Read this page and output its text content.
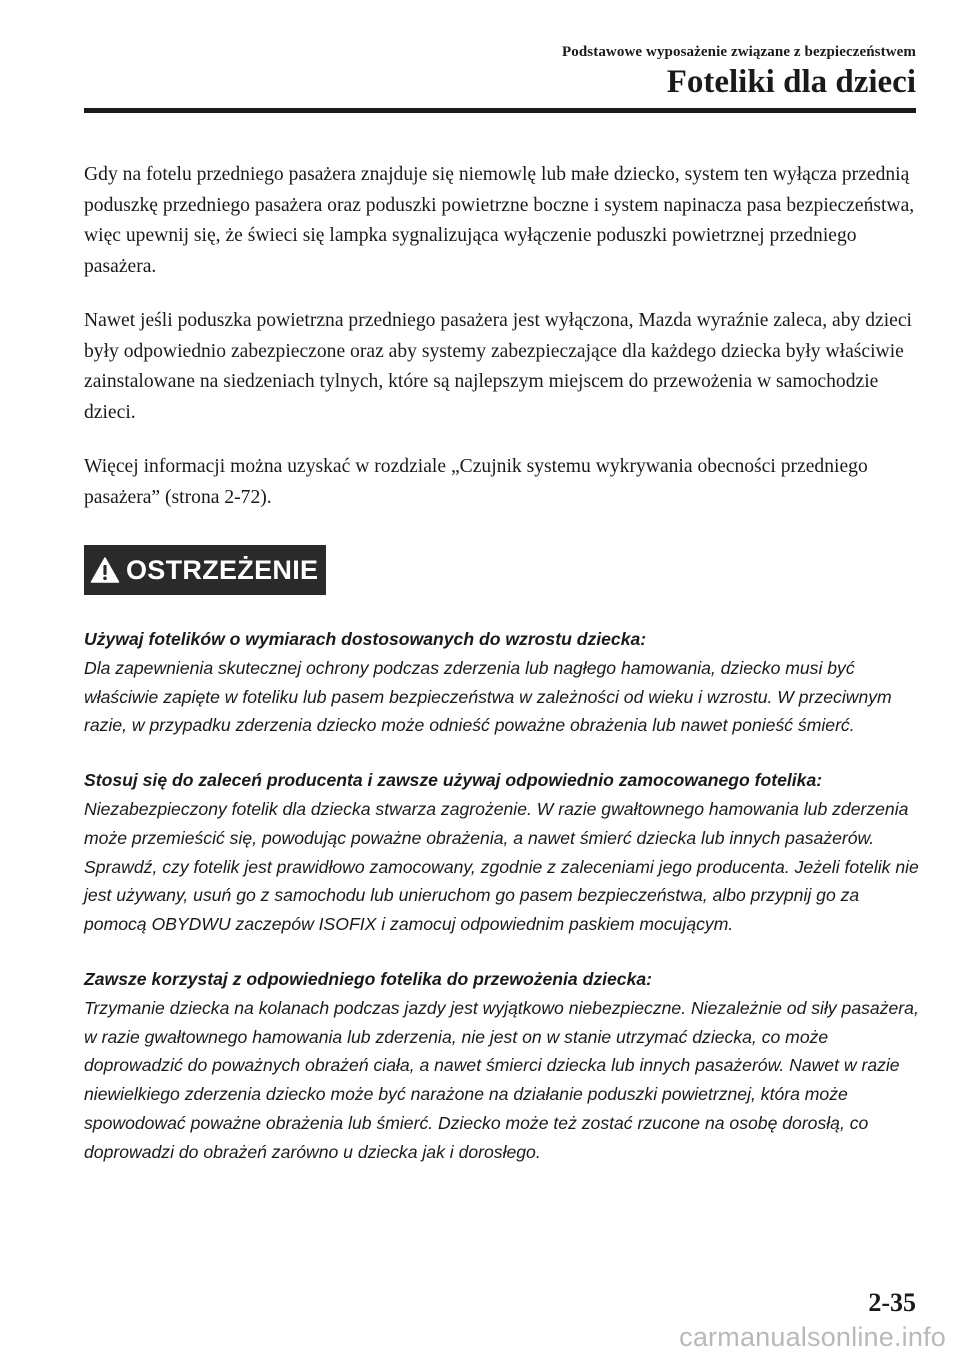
Podstawowe wyposażenie związane z bezpieczeństwem
Foteliki dla dzieci

Gdy na fotelu przedniego pasażera znajduje się niemowlę lub małe dziecko, system ten wyłącza przednią poduszkę przedniego pasażera oraz poduszki powietrzne boczne i system napinacza pasa bezpieczeństwa, więc upewnij się, że świeci się lampka sygnalizująca wyłączenie poduszki powietrznej przedniego pasażera.

Nawet jeśli poduszka powietrzna przedniego pasażera jest wyłączona, Mazda wyraźnie zaleca, aby dzieci były odpowiednio zabezpieczone oraz aby systemy zabezpieczające dla każdego dziecka były właściwie zainstalowane na siedzeniach tylnych, które są najlepszym miejscem do przewożenia w samochodzie dzieci.

Więcej informacji można uzyskać w rozdziale „Czujnik systemu wykrywania obecności przedniego pasażera” (strona 2-72).

OSTRZEŻENIE
Używaj fotelików o wymiarach dostosowanych do wzrostu dziecka:
Dla zapewnienia skutecznej ochrony podczas zderzenia lub nagłego hamowania, dziecko musi być właściwie zapięte w foteliku lub pasem bezpieczeństwa w zależności od wieku i wzrostu. W przeciwnym razie, w przypadku zderzenia dziecko może odnieść poważne obrażenia lub nawet ponieść śmierć.
Stosuj się do zaleceń producenta i zawsze używaj odpowiednio zamocowanego fotelika:
Niezabezpieczony fotelik dla dziecka stwarza zagrożenie. W razie gwałtownego hamowania lub zderzenia może przemieścić się, powodując poważne obrażenia, a nawet śmierć dziecka lub innych pasażerów. Sprawdź, czy fotelik jest prawidłowo zamocowany, zgodnie z zaleceniami jego producenta. Jeżeli fotelik nie jest używany, usuń go z samochodu lub unieruchom go pasem bezpieczeństwa, albo przypnij go za pomocą OBYDWU zaczepów ISOFIX i zamocuj odpowiednim paskiem mocującym.
Zawsze korzystaj z odpowiedniego fotelika do przewożenia dziecka:
Trzymanie dziecka na kolanach podczas jazdy jest wyjątkowo niebezpieczne. Niezależnie od siły pasażera, w razie gwałtownego hamowania lub zderzenia, nie jest on w stanie utrzymać dziecka, co może doprowadzić do poważnych obrażeń ciała, a nawet śmierci dziecka lub innych pasażerów. Nawet w razie niewielkiego zderzenia dziecko może być narażone na działanie poduszki powietrznej, która może spowodować poważne obrażenia lub śmierć. Dziecko może też zostać rzucone na osobę dorosłą, co doprowadzi do obrażeń zarówno u dziecka jak i dorosłego.
2-35
carmanualsonline.info
